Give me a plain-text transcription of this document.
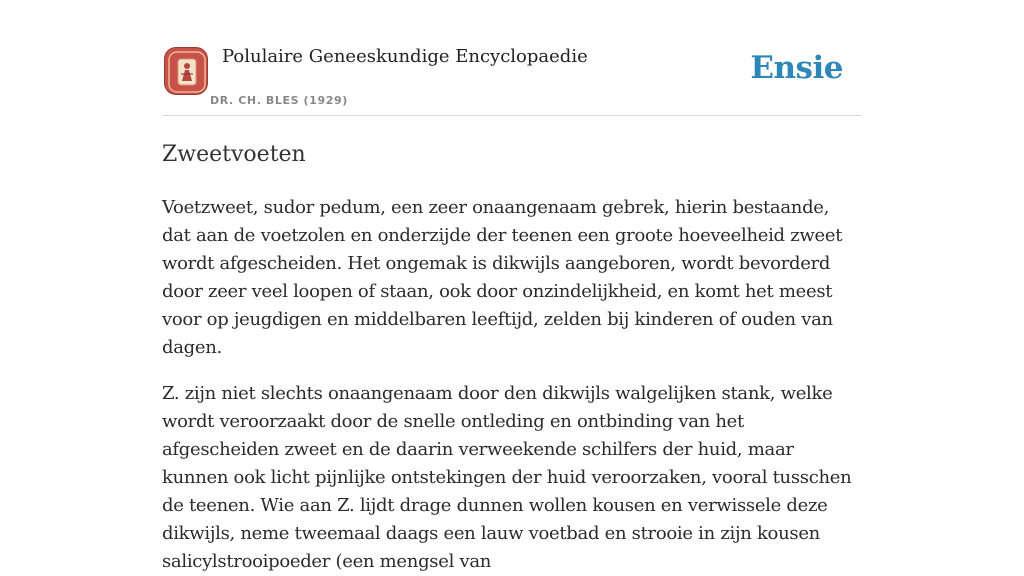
Polulaire Geneeskundige Encyclopaedie
DR. CH. BLES (1929)
Ensie
Zweetvoeten

Voetzweet, sudor pedum, een zeer onaangenaam gebrek, hierin bestaande, dat aan de voetzolen en onderzijde der teenen een groote hoeveelheid zweet wordt afgescheiden. Het ongemak is dikwijls aangeboren, wordt bevorderd door zeer veel loopen of staan, ook door onzindelijkheid, en komt het meest voor op jeugdigen en middelbaren leeftijd, zelden bij kinderen of ouden van dagen.

Z. zijn niet slechts onaangenaam door den dikwijls walgelijken stank, welke wordt veroorzaakt door de snelle ontleding en ontbinding van het afgescheiden zweet en de daarin verweekende schilfers der huid, maar kunnen ook licht pijnlijke ontstekingen der huid veroorzaken, vooral tusschen de teenen. Wie aan Z. lijdt drage dunnen wollen kousen en verwissele deze dikwijls, neme tweemaal daags een lauw voetbad en strooie in zijn kousen salicylstrooipoeder (een mengsel van
